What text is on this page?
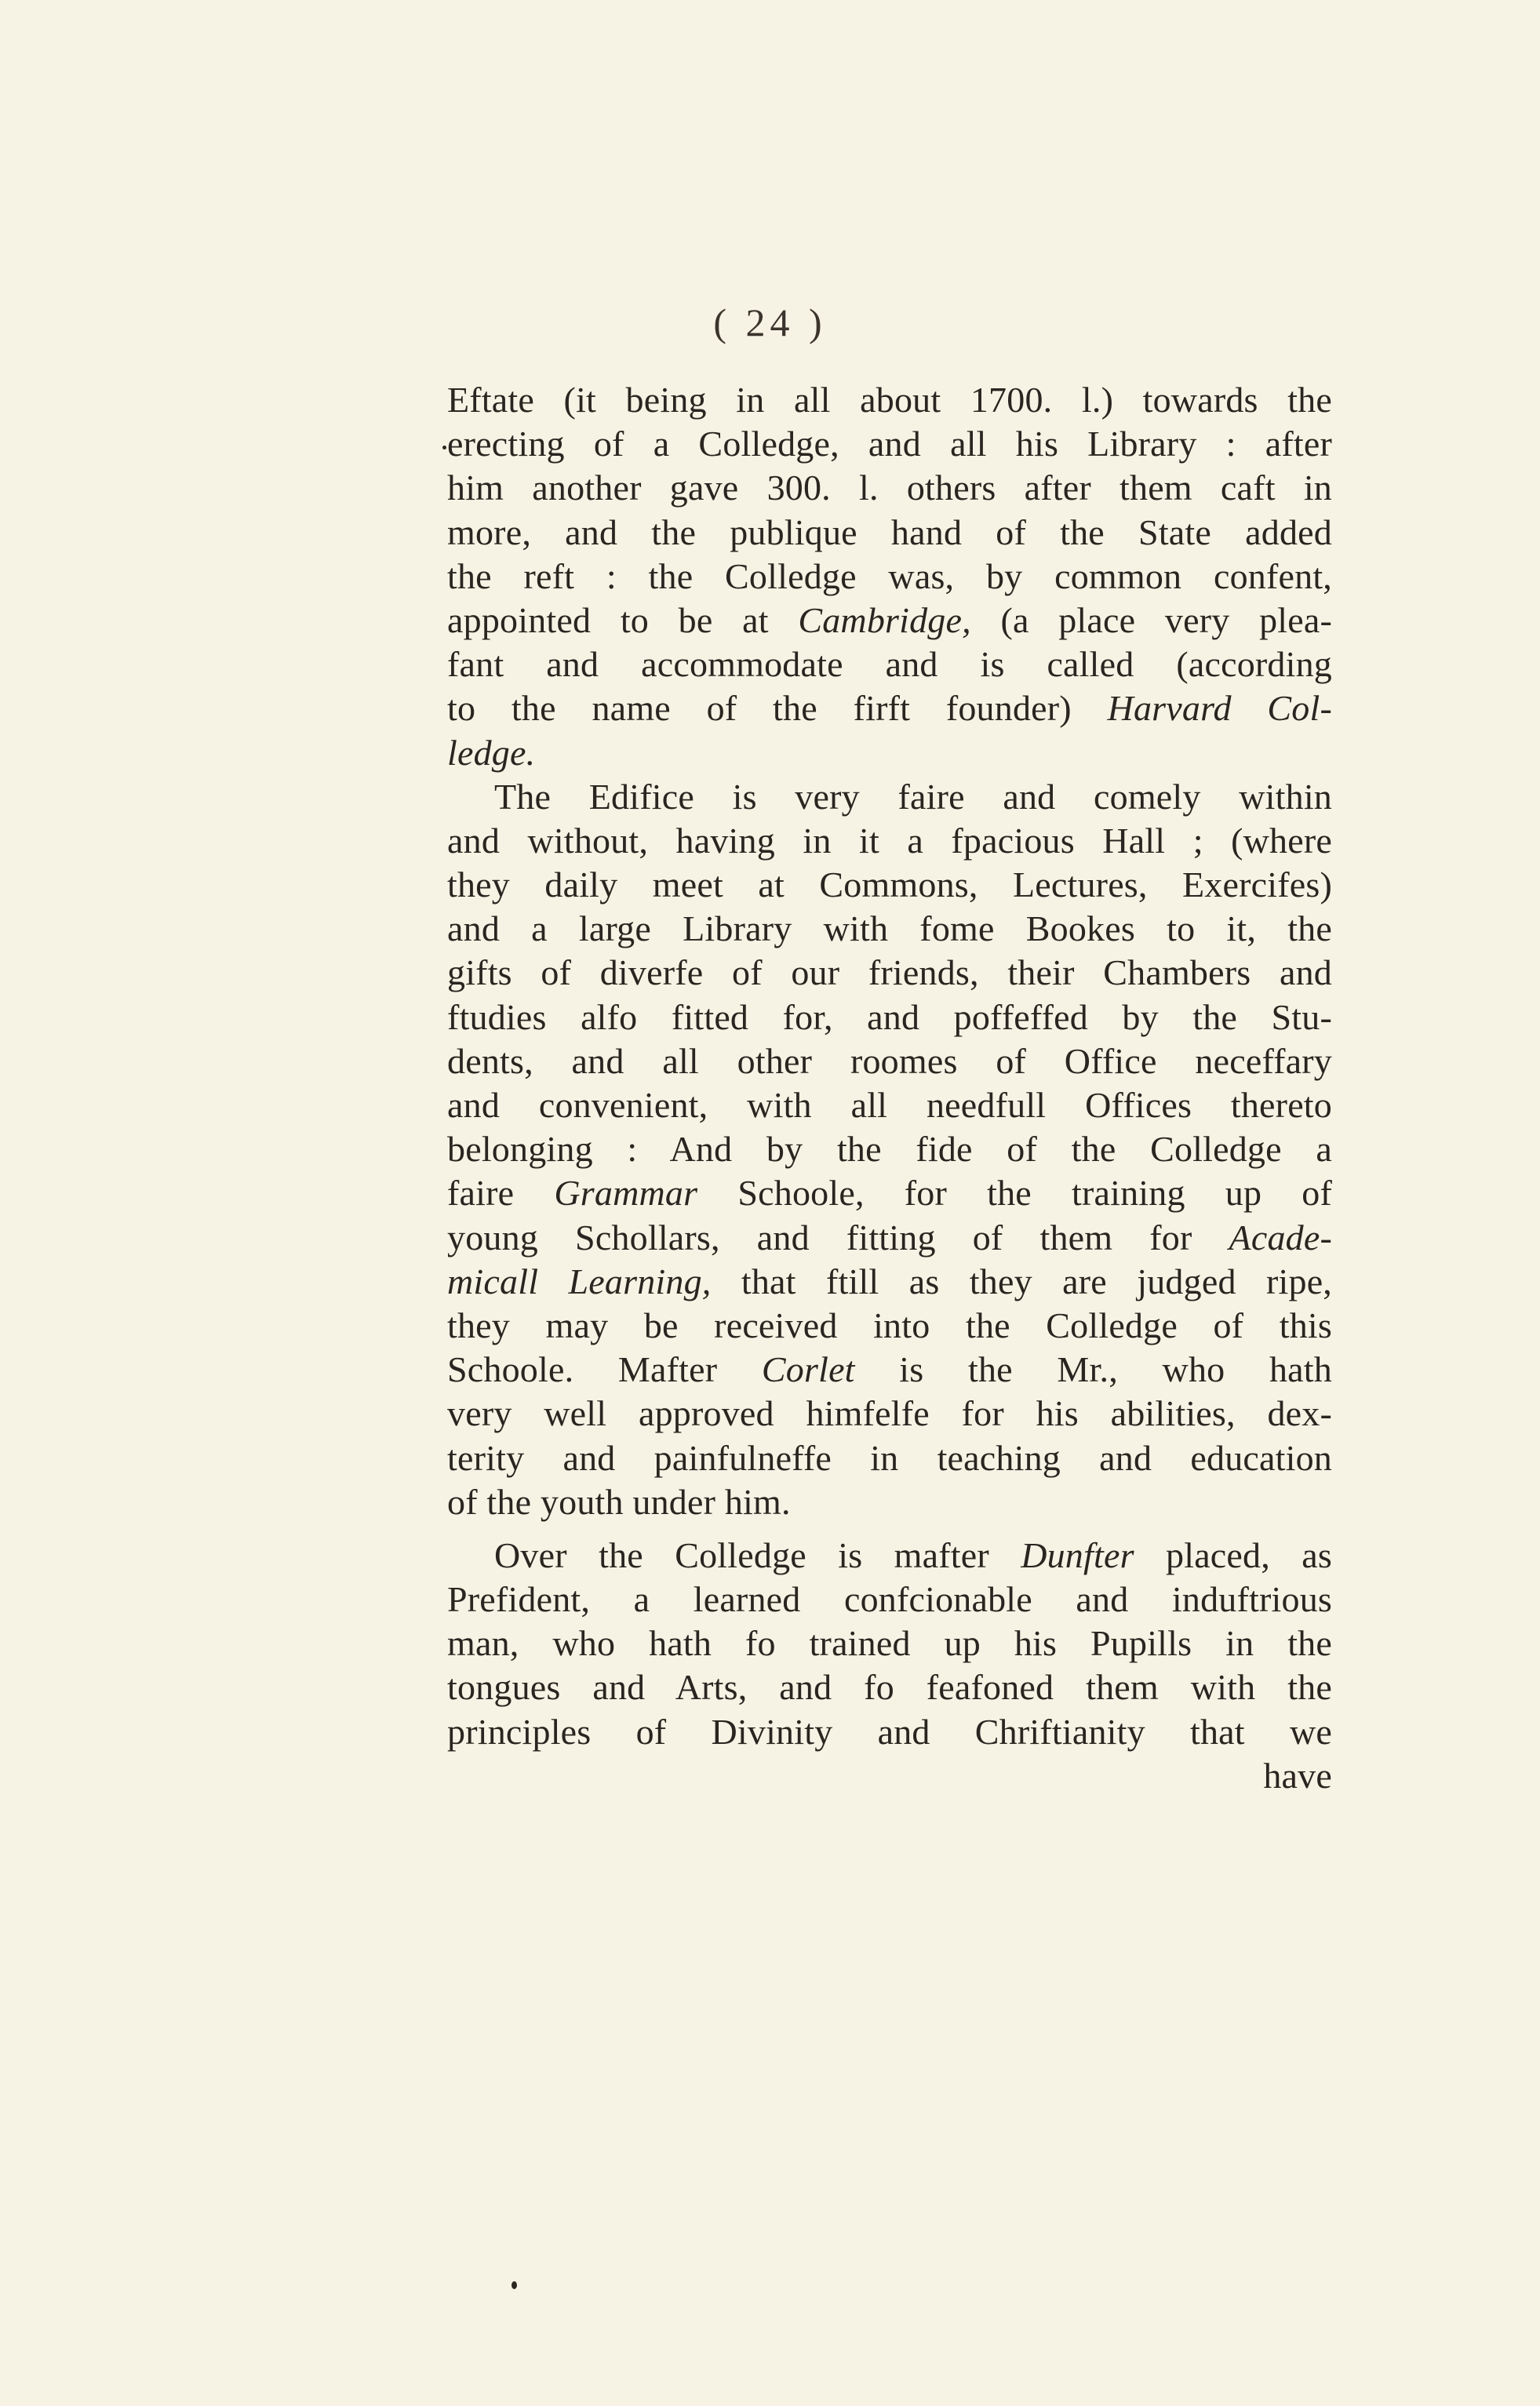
( 24 )
Eftate (it being in all about 1700. l.) towards the
erecting of a Colledge, and all his Library : after
him another gave 300. l. others after them caft in
more, and the publique hand of the State added
the reft : the Colledge was, by common confent,
appointed to be at Cambridge, (a place very plea-
fant and accommodate and is called (according
to the name of the firft founder) Harvard Col-
ledge.
The Edifice is very faire and comely within
and without, having in it a fpacious Hall ; (where
they daily meet at Commons, Lectures, Exercifes)
and a large Library with fome Bookes to it, the
gifts of diverfe of our friends, their Chambers and
ftudies alfo fitted for, and poffeffed by the Stu-
dents, and all other roomes of Office neceffary
and convenient, with all needfull Offices thereto
belonging : And by the fide of the Colledge a
faire Grammar Schoole, for the training up of
young Schollars, and fitting of them for Acade-
micall Learning, that ftill as they are judged ripe,
they may be received into the Colledge of this
Schoole. Mafter Corlet is the Mr., who hath
very well approved himfelfe for his abilities, dex-
terity and painfulneffe in teaching and education
of the youth under him.
Over the Colledge is mafter Dunfter placed, as
Prefident, a learned confcionable and induftrious
man, who hath fo trained up his Pupills in the
tongues and Arts, and fo feafoned them with the
principles of Divinity and Chriftianity that we
have
